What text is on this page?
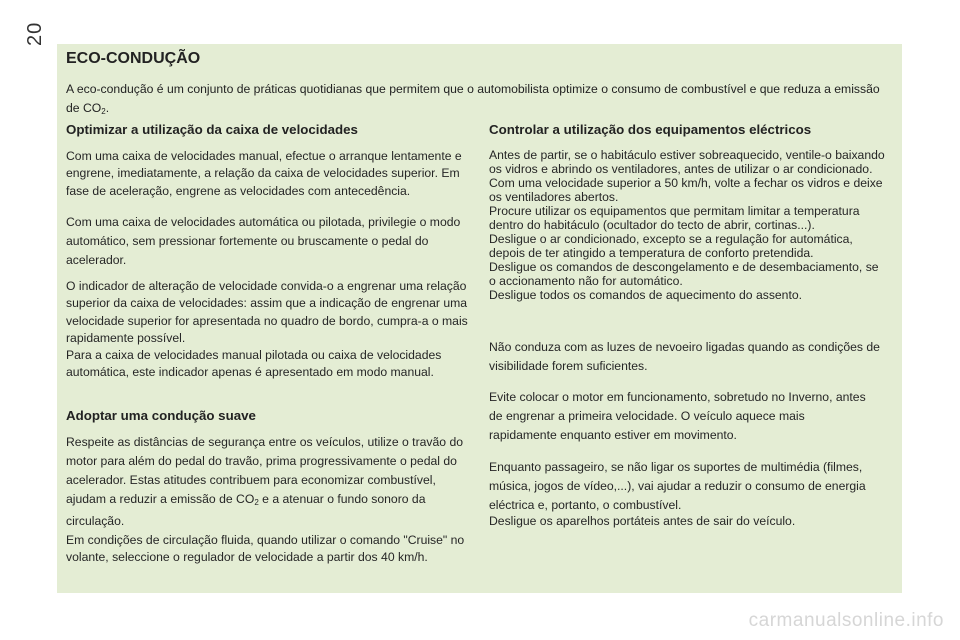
20
ECO-CONDUÇÃO

A eco-condução é um conjunto de práticas quotidianas que permitem que o automobilista optimize o consumo de combustível e que reduza a emissão de $CO_2$.

Optimizar a utilização da caixa de velocidades

Com uma caixa de velocidades manual, efectue o arranque lentamente e engrene, imediatamente, a relação da caixa de velocidades superior. Em fase de aceleração, engrene as velocidades com antecedência.

Com uma caixa de velocidades automática ou pilotada, privilegie o modo automático, sem pressionar fortemente ou bruscamente o pedal do acelerador.

O indicador de alteração de velocidade convida-o a engrenar uma relação superior da caixa de velocidades: assim que a indicação de engrenar uma velocidade superior for apresentada no quadro de bordo, cumpra-a o mais rapidamente possível.

Para a caixa de velocidades manual pilotada ou caixa de velocidades automática, este indicador apenas é apresentado em modo manual.

Adoptar uma condução suave

Respeite as distâncias de segurança entre os veículos, utilize o travão do motor para além do pedal do travão, prima progressivamente o pedal do acelerador. Estas atitudes contribuem para economizar combustível, ajudam a reduzir a emissão de $CO_2$ e a atenuar o fundo sonoro da circulação.

Em condições de circulação fluida, quando utilizar o comando "Cruise" no volante, seleccione o regulador de velocidade a partir dos 40 km/h.

Controlar a utilização dos equipamentos eléctricos
Antes de partir, se o habitáculo estiver sobreaquecido, ventile-o baixando os vidros e abrindo os ventiladores, antes de utilizar o ar condicionado.
Com uma velocidade superior a 50 km/h, volte a fechar os vidros e deixe os ventiladores abertos.
Procure utilizar os equipamentos que permitam limitar a temperatura dentro do habitáculo (ocultador do tecto de abrir, cortinas...).
Desligue o ar condicionado, excepto se a regulação for automática, depois de ter atingido a temperatura de conforto pretendida.
Desligue os comandos de descongelamento e de desembaciamento, se o accionamento não for automático.
Desligue todos os comandos de aquecimento do assento.

Não conduza com as luzes de nevoeiro ligadas quando as condições de visibilidade forem suficientes.

Evite colocar o motor em funcionamento, sobretudo no Inverno, antes de engrenar a primeira velocidade. O veículo aquece mais rapidamente enquanto estiver em movimento.

Enquanto passageiro, se não ligar os suportes de multimédia (filmes, música, jogos de vídeo,...), vai ajudar a reduzir o consumo de energia eléctrica e, portanto, o combustível.

Desligue os aparelhos portáteis antes de sair do veículo.

carmanualsonline.info
